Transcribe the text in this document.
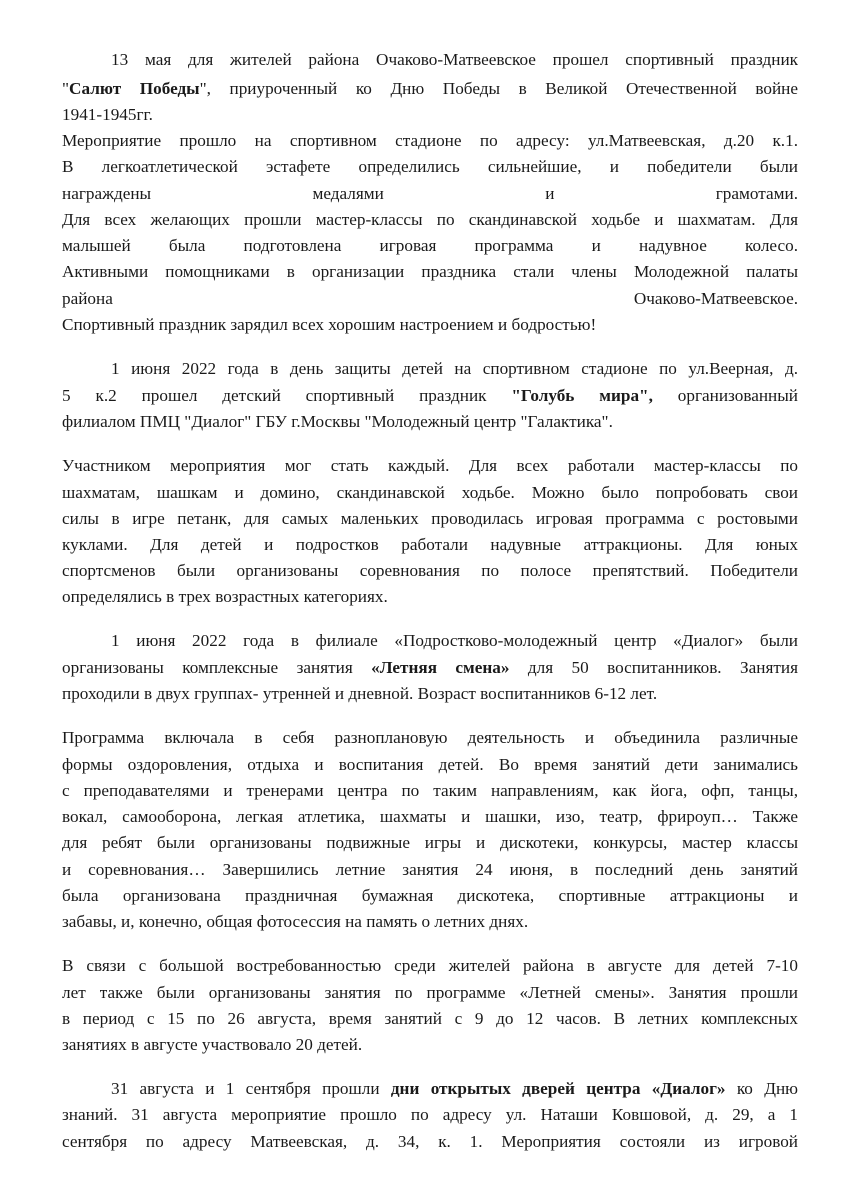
13 мая для жителей района Очаково-Матвеевское прошел спортивный праздник
"Салют Победы", приуроченный ко Дню Победы в Великой Отечественной войне
1941-1945гг.
Мероприятие прошло на спортивном стадионе по адресу: ул.Матвеевская, д.20 к.1.
В легкоатлетической эстафете определились сильнейшие, и победители были
награждены медалями и грамотами.
Для всех желающих прошли мастер-классы по скандинавской ходьбе и шахматам. Для
малышей была подготовлена игровая программа и надувное колесо.
Активными помощниками в организации праздника стали члены Молодежной палаты
района	Очаково-Матвеевское.
Спортивный праздник зарядил всех хорошим настроением и бодростью!
1 июня 2022 года в день защиты детей на спортивном стадионе по ул.Веерная, д.
5 к.2 прошел детский спортивный праздник "Голубь мира", организованный
филиалом ПМЦ "Диалог" ГБУ г.Москвы "Молодежный центр "Галактика".
Участником мероприятия мог стать каждый. Для всех работали мастер-классы по
шахматам, шашкам и домино, скандинавской ходьбе. Можно было попробовать свои
силы в игре петанк, для самых маленьких проводилась игровая программа с ростовыми
куклами. Для детей и подростков работали надувные аттракционы. Для юных
спортсменов были организованы соревнования по полосе препятствий. Победители
определялись в трех возрастных категориях.
1 июня 2022 года в филиале «Подростково-молодежный центр «Диалог» были
организованы комплексные занятия «Летняя смена» для 50 воспитанников. Занятия
проходили в двух группах- утренней и дневной. Возраст воспитанников 6-12 лет.
Программа включала в себя разноплановую деятельность и объединила различные
формы оздоровления, отдыха и воспитания детей. Во время занятий дети занимались
с преподавателями и тренерами центра по таким направлениям, как йога, офп, танцы,
вокал, самооборона, легкая атлетика, шахматы и шашки, изо, театр, фрироуп… Также
для ребят были организованы подвижные игры и дискотеки, конкурсы, мастер классы
и соревнования… Завершились летние занятия 24 июня, в последний день занятий
была организована праздничная бумажная дискотека, спортивные аттракционы и
забавы, и, конечно, общая фотосессия на память о летних днях.
В связи с большой востребованностью среди жителей района в августе для детей 7-10
лет также были организованы занятия по программе «Летней смены». Занятия прошли
в период с 15 по 26 августа, время занятий с 9 до 12 часов. В летних комплексных
занятиях в августе участвовало 20 детей.
31 августа и 1 сентября прошли дни открытых дверей центра «Диалог» ко Дню
знаний. 31 августа мероприятие прошло по адресу ул. Наташи Ковшовой, д. 29, а 1
сентября по адресу Матвеевская, д. 34, к. 1. Мероприятия состояли из игровой
